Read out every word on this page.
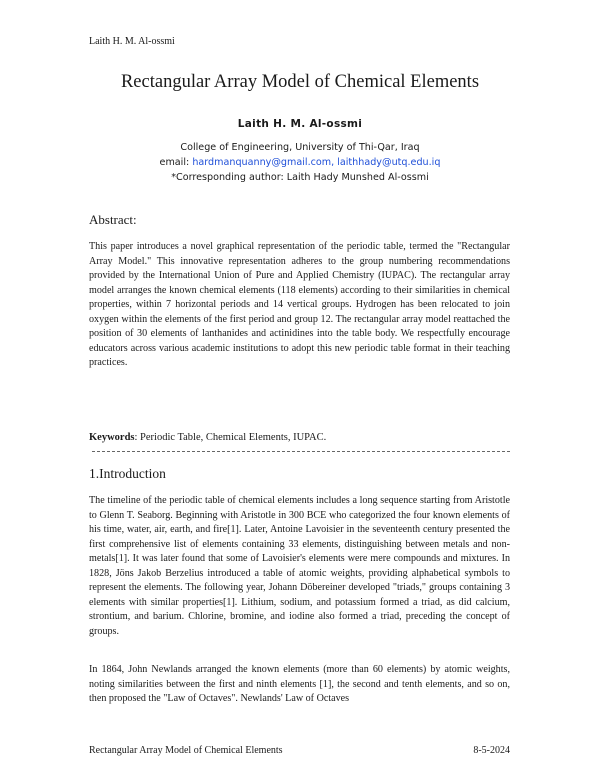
Laith H. M. Al-ossmi
Rectangular Array Model of Chemical Elements
Laith H. M. Al-ossmi
College of Engineering, University of Thi-Qar, Iraq
email: hardmanquanny@gmail.com, laithhady@utq.edu.iq
*Corresponding author: Laith Hady Munshed Al-ossmi
Abstract:

This paper introduces a novel graphical representation of the periodic table, termed the "Rectangular Array Model." This innovative representation adheres to the group numbering recommendations provided by the International Union of Pure and Applied Chemistry (IUPAC). The rectangular array model arranges the known chemical elements (118 elements) according to their similarities in chemical properties, within 7 horizontal periods and 14 vertical groups. Hydrogen has been relocated to join oxygen within the elements of the first period and group 12. The rectangular array model reattached the position of 30 elements of lanthanides and actinidines into the table body. We respectfully encourage educators across various academic institutions to adopt this new periodic table format in their teaching practices.

Keywords: Periodic Table, Chemical Elements, IUPAC.
1.Introduction

The timeline of the periodic table of chemical elements includes a long sequence starting from Aristotle to Glenn T. Seaborg. Beginning with Aristotle in 300 BCE who categorized the four known elements of his time, water, air, earth, and fire[1]. Later, Antoine Lavoisier in the seventeenth century presented the first comprehensive list of elements containing 33 elements, distinguishing between metals and non-metals[1]. It was later found that some of Lavoisier's elements were mere compounds and mixtures. In 1828, Jöns Jakob Berzelius introduced a table of atomic weights, providing alphabetical symbols to represent the elements. The following year, Johann Döbereiner developed "triads," groups containing 3 elements with similar properties[1]. Lithium, sodium, and potassium formed a triad, as did calcium, strontium, and barium. Chlorine, bromine, and iodine also formed a triad, preceding the concept of groups.

In 1864, John Newlands arranged the known elements (more than 60 elements) by atomic weights, noting similarities between the first and ninth elements [1], the second and tenth elements, and so on, then proposed the "Law of Octaves". Newlands' Law of Octaves

Rectangular Array Model of Chemical Elements	8-5-2024
